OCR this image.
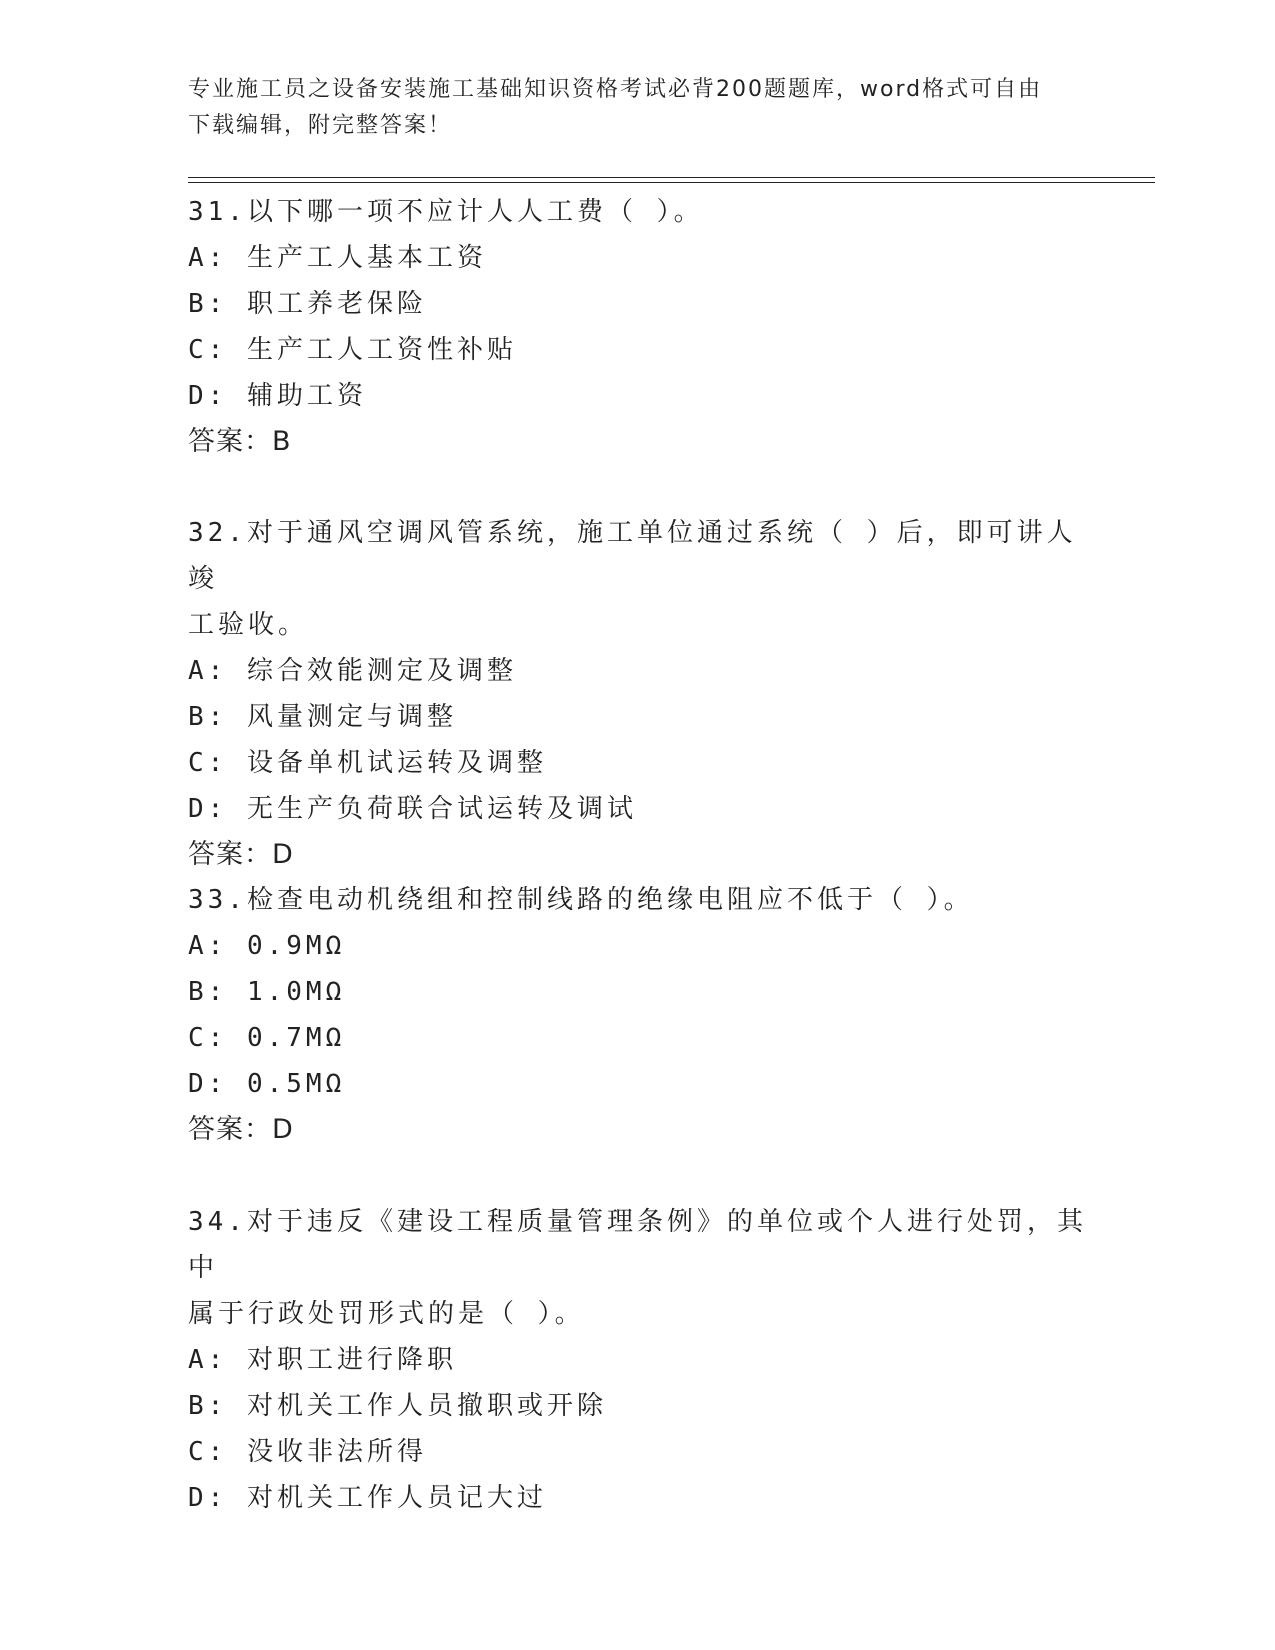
专业施工员之设备安装施工基础知识资格考试必背200题题库，word格式可自由
下载编辑，附完整答案！

31.以下哪一项不应计人人工费（ ）。

A: 生产工人基本工资

B: 职工养老保险

C: 生产工人工资性补贴

D: 辅助工资

答案：B

32.对于通风空调风管系统，施工单位通过系统（ ）后，即可讲人竣

工验收。

A: 综合效能测定及调整

B: 风量测定与调整

C: 设备单机试运转及调整

D: 无生产负荷联合试运转及调试

答案：D

33.检查电动机绕组和控制线路的绝缘电阻应不低于（ ）。

A: 0.9MΩ

B: 1.0MΩ

C: 0.7MΩ

D: 0.5MΩ

答案：D

34.对于违反《建设工程质量管理条例》的单位或个人进行处罚，其中

属于行政处罚形式的是（ ）。

A: 对职工进行降职

B: 对机关工作人员撤职或开除

C: 没收非法所得

D: 对机关工作人员记大过
